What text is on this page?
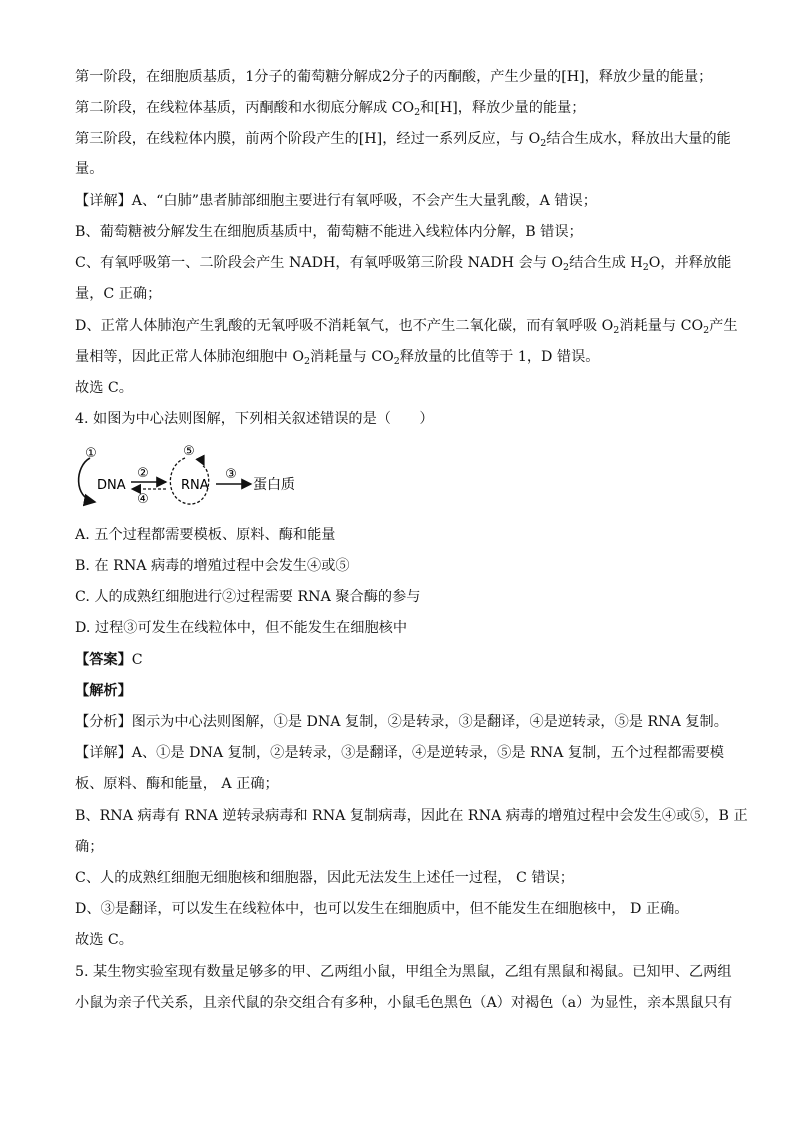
第一阶段，在细胞质基质，1分子的葡萄糖分解成2分子的丙酮酸，产生少量的[H]，释放少量的能量；
第二阶段，在线粒体基质，丙酮酸和水彻底分解成 $CO_2$和[H]，释放少量的能量；
第三阶段，在线粒体内膜，前两个阶段产生的[H]，经过一系列反应，与 $O_2$结合生成水，释放出大量的能
量。
【详解】A、“白肺”患者肺部细胞主要进行有氧呼吸，不会产生大量乳酸，A 错误；
B、葡萄糖被分解发生在细胞质基质中，葡萄糖不能进入线粒体内分解，B 错误；
C、有氧呼吸第一、二阶段会产生 NADH，有氧呼吸第三阶段 NADH 会与 $O_2$结合生成 $H_2O$，并释放能
量，C 正确；
D、正常人体肺泡产生乳酸的无氧呼吸不消耗氧气，也不产生二氧化碳，而有氧呼吸 $O_2$消耗量与 $CO_2$产生
量相等，因此正常人体肺泡细胞中 $O_2$消耗量与 $CO_2$释放量的比值等于 1，D 错误。
故选 C。
4. 如图为中心法则图解，下列相关叙述错误的是（　　）
①
DNA
②
④
⑤
RNA
③
蛋白质
A. 五个过程都需要模板、原料、酶和能量
B. 在 RNA 病毒的增殖过程中会发生④或⑤
C. 人的成熟红细胞进行②过程需要 RNA 聚合酶的参与
D. 过程③可发生在线粒体中，但不能发生在细胞核中
【答案】C
【解析】
【分析】图示为中心法则图解，①是 DNA 复制，②是转录，③是翻译，④是逆转录，⑤是 RNA 复制。
【详解】A、①是 DNA 复制，②是转录，③是翻译，④是逆转录，⑤是 RNA 复制，五个过程都需要模
板、原料、酶和能量， A 正确；
B、RNA 病毒有 RNA 逆转录病毒和 RNA 复制病毒，因此在 RNA 病毒的增殖过程中会发生④或⑤，B 正
确；
C、人的成熟红细胞无细胞核和细胞器，因此无法发生上述任一过程， C 错误；
D、③是翻译，可以发生在线粒体中，也可以发生在细胞质中，但不能发生在细胞核中， D 正确。
故选 C。
5. 某生物实验室现有数量足够多的甲、乙两组小鼠，甲组全为黑鼠，乙组有黑鼠和褐鼠。已知甲、乙两组
小鼠为亲子代关系，且亲代鼠的杂交组合有多种，小鼠毛色黑色（A）对褐色（a）为显性，亲本黑鼠只有
